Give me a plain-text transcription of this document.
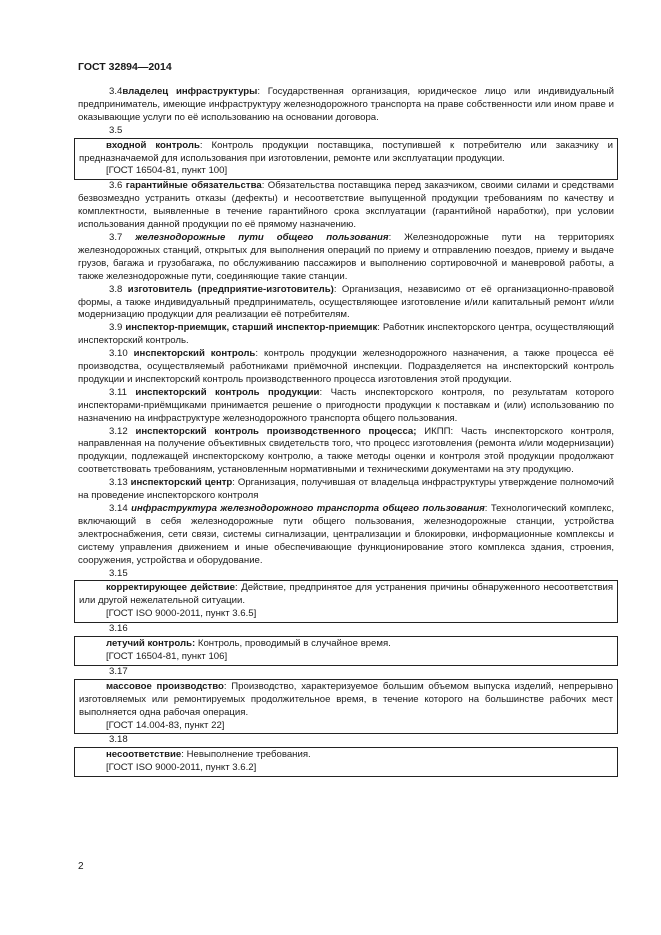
ГОСТ 32894—2014

3.4владелец инфраструктуры: Государственная организация, юридическое лицо или индивидуальный предприниматель, имеющие инфраструктуру железнодорожного транспорта на праве собственности или ином праве и оказывающие услуги по её использованию на основании договора.

3.5

входной контроль: Контроль продукции поставщика, поступившей к потребителю или заказчику и предназначаемой для использования при изготовлении, ремонте или эксплуатации продукции.

[ГОСТ 16504-81, пункт 100]

3.6 гарантийные обязательства: Обязательства поставщика перед заказчиком, своими силами и средствами безвозмездно устранить отказы (дефекты) и несоответствие выпущенной продукции требованиям по качеству и комплектности, выявленные в течение гарантийного срока эксплуатации (гарантийной наработки), при условии использования данной продукции по её прямому назначению.

3.7 железнодорожные пути общего пользования: Железнодорожные пути на территориях железнодорожных станций, открытых для выполнения операций по приему и отправлению поездов, приему и выдаче грузов, багажа и грузобагажа, по обслуживанию пассажиров и выполнению сортировочной и маневровой работы, а также железнодорожные пути, соединяющие такие станции.

3.8 изготовитель (предприятие-изготовитель): Организация, независимо от её организационно-правовой формы, а также индивидуальный предприниматель, осуществляющее изготовление и/или капитальный ремонт и/или модернизацию продукции для реализации её потребителям.

3.9 инспектор-приемщик, старший инспектор-приемщик: Работник инспекторского центра, осуществляющий инспекторский контроль.

3.10 инспекторский контроль: контроль продукции железнодорожного назначения, а также процесса её производства, осуществляемый работниками приёмочной инспекции. Подразделяется на инспекторский контроль продукции и инспекторский контроль производственного процесса изготовления этой продукции.

3.11 инспекторский контроль продукции: Часть инспекторского контроля, по результатам которого инспекторами-приёмщиками принимается решение о пригодности продукции к поставкам и (или) использованию по назначению на инфраструктуре железнодорожного транспорта общего пользования.

3.12 инспекторский контроль производственного процесса; ИКПП: Часть инспекторского контроля, направленная на получение объективных свидетельств того, что процесс изготовления (ремонта и/или модернизации) продукции, подлежащей инспекторскому контролю, а также методы оценки и контроля этой продукции продолжают соответствовать требованиям, установленным нормативными и техническими документами на эту продукцию.

3.13 инспекторский центр: Организация, получившая от владельца инфраструктуры утверждение полномочий на проведение инспекторского контроля

3.14 инфраструктура железнодорожного транспорта общего пользования: Технологический комплекс, включающий в себя железнодорожные пути общего пользования, железнодорожные станции, устройства электроснабжения, сети связи, системы сигнализации, централизации и блокировки, информационные комплексы и систему управления движением и иные обеспечивающие функционирование этого комплекса здания, строения, сооружения, устройства и оборудование.

3.15

корректирующее действие: Действие, предпринятое для устранения причины обнаруженного несоответствия или другой нежелательной ситуации.

[ГОСТ ISO 9000-2011, пункт 3.6.5]

3.16

летучий контроль: Контроль, проводимый в случайное время.

[ГОСТ 16504-81, пункт 106]

3.17

массовое производство: Производство, характеризуемое большим объемом выпуска изделий, непрерывно изготовляемых или ремонтируемых продолжительное время, в течение которого на большинстве рабочих мест выполняется одна рабочая операция.

[ГОСТ 14.004-83, пункт 22]

3.18

несоответствие: Невыполнение требования.

[ГОСТ ISO 9000-2011, пункт 3.6.2]

2
